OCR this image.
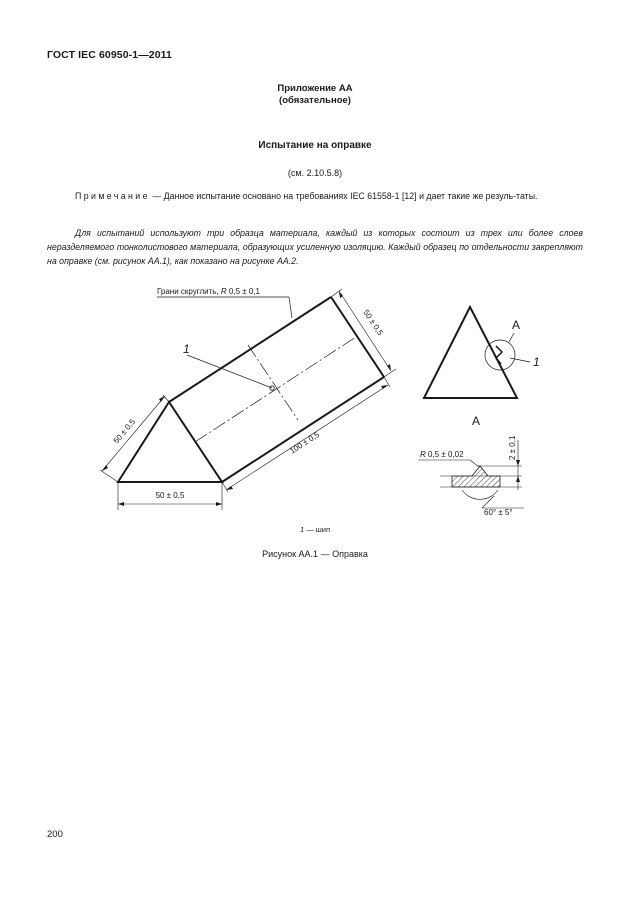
ГОСТ IEC 60950-1—2011
Приложение АА
(обязательное)
Испытание на оправке
(см. 2.10.5.8)
Примечание — Данное испытание основано на требованиях IEC 61558-1 [12] и дает такие же резуль-таты.
Для испытаний используют три образца материала, каждый из которых состоит из трех или более слоев неразделяемого тонколистового материала, образующих усиленную изоляцию. Каждый образец по отдельности закрепляют на оправке (см. рисунок АА.1), как показано на рисунке АА.2.
Грани скруглить, R 0,5 ± 0,1
1
50 ± 0,5
50 ± 0,5
50 ± 0,5
100 ± 0,5
A
1
A
R 0,5 ± 0,02	2 ± 0,1
60° ± 5°
1 — шип
Рисунок АА.1 — Оправка
200
